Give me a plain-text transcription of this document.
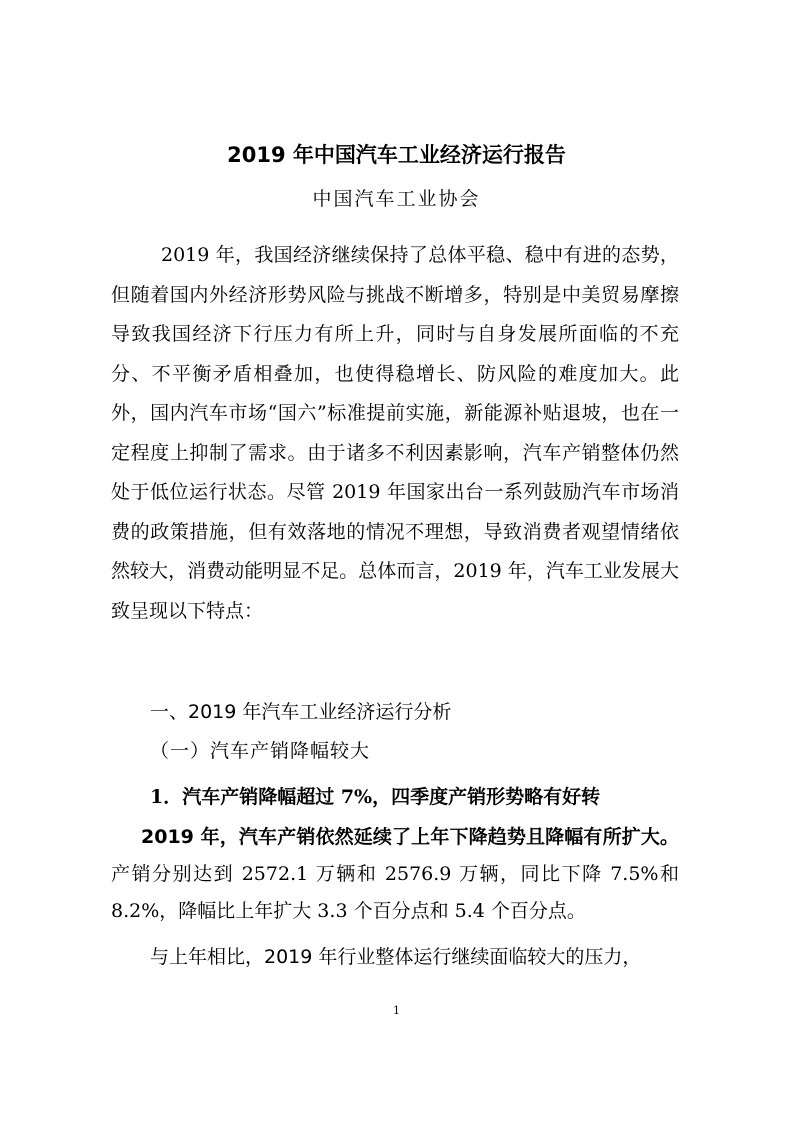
2019 年中国汽车工业经济运行报告
中国汽车工业协会
2019 年，我国经济继续保持了总体平稳、稳中有进的态势，但随着国内外经济形势风险与挑战不断增多，特别是中美贸易摩擦导致我国经济下行压力有所上升，同时与自身发展所面临的不充分、不平衡矛盾相叠加，也使得稳增长、防风险的难度加大。此外，国内汽车市场“国六”标准提前实施，新能源补贴退坡，也在一定程度上抑制了需求。由于诸多不利因素影响，汽车产销整体仍然处于低位运行状态。尽管 2019 年国家出台一系列鼓励汽车市场消费的政策措施，但有效落地的情况不理想，导致消费者观望情绪依然较大，消费动能明显不足。总体而言，2019 年，汽车工业发展大致呈现以下特点：
一、2019 年汽车工业经济运行分析
（一）汽车产销降幅较大
1．汽车产销降幅超过 7%，四季度产销形势略有好转
2019 年，汽车产销依然延续了上年下降趋势且降幅有所扩大。产销分别达到 2572.1 万辆和 2576.9 万辆，同比下降 7.5%和 8.2%，降幅比上年扩大 3.3 个百分点和 5.4 个百分点。
与上年相比，2019 年行业整体运行继续面临较大的压力，
1
